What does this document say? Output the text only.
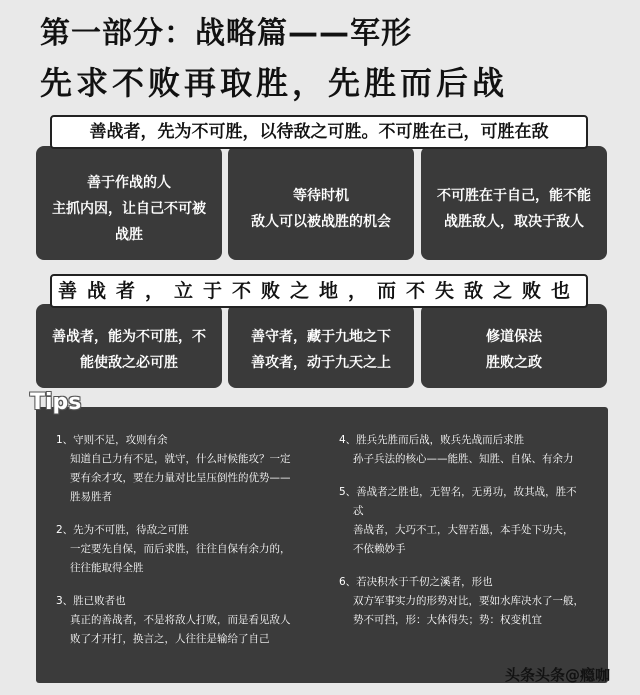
第一部分：战略篇——军形
先求不败再取胜，先胜而后战
善战者，先为不可胜，以待敌之可胜。不可胜在己，可胜在敌
善于作战的人
主抓内因，让自己不可被
战胜
等待时机
敌人可以被战胜的机会
不可胜在于自己，能不能
战胜敌人，取决于敌人
善战者，立于不败之地，而不失敌之败也
善战者，能为不可胜，不
能使敌之必可胜
善守者，藏于九地之下
善攻者，动于九天之上
修道保法
胜败之政
1、守则不足，攻则有余
知道自己力有不足，就守，什么时候能攻？一定
要有余才攻，要在力量对比呈压倒性的优势——
胜易胜者
2、先为不可胜，待敌之可胜
一定要先自保，而后求胜，往往自保有余力的，
往往能取得全胜
3、胜已败者也
真正的善战者，不是将敌人打败，而是看见敌人
败了才开打，换言之，人往往是输给了自己
4、胜兵先胜而后战，败兵先战而后求胜
孙子兵法的核心——能胜、知胜、自保、有余力
5、善战者之胜也，无智名，无勇功，故其战，胜不
忒
善战者，大巧不工，大智若愚，本手处下功夫，
不依赖妙手
6、若决积水于千仞之溪者，形也
双方军事实力的形势对比，要如水库决水了一般，
势不可挡，形：大体得失；势：权变机宜
Tips
头条头条@瘾咖
